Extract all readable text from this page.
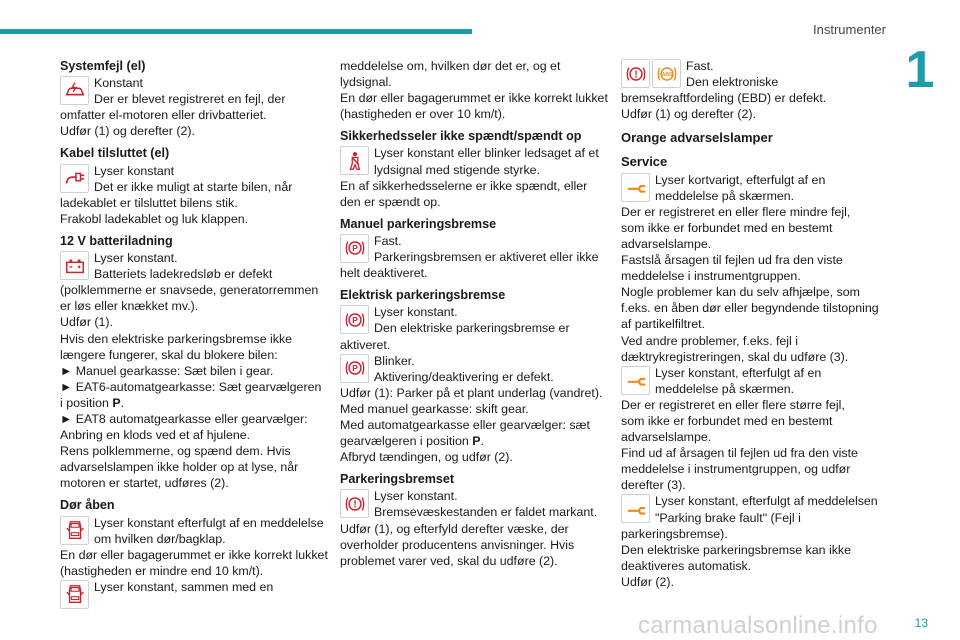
Instrumenter
1
Systemfejl (el)

Konstant

Der er blevet registreret en fejl, der

omfatter el-motoren eller drivbatteriet.

Udfør (1) og derefter (2).

Kabel tilsluttet (el)

Lyser konstant

Det er ikke muligt at starte bilen, når

ladekablet er tilsluttet bilens stik.

Frakobl ladekablet og luk klappen.

12 V batteriladning

Lyser konstant.

Batteriets ladekredsløb er defekt

(polklemmerne er snavsede, generatorremmen

er løs eller knækket mv.).

Udfør (1).

Hvis den elektriske parkeringsbremse ikke

længere fungerer, skal du blokere bilen:

► Manuel gearkasse: Sæt bilen i gear.

► EAT6-automatgearkasse: Sæt gearvælgeren

i position P.

► EAT8 automatgearkasse eller gearvælger:

Anbring en klods ved et af hjulene.

Rens polklemmerne, og spænd dem. Hvis

advarselslampen ikke holder op at lyse, når

motoren er startet, udføres (2).

Dør åben

Lyser konstant efterfulgt af en meddelelse

om hvilken dør/bagklap.

En dør eller bagagerummet er ikke korrekt lukket

(hastigheden er mindre end 10 km/t).

Lyser konstant, sammen med en

meddelelse om, hvilken dør det er, og et

lydsignal.

En dør eller bagagerummet er ikke korrekt lukket

(hastigheden er over 10 km/t).

Sikkerhedsseler ikke spændt/spændt op

Lyser konstant eller blinker ledsaget af et

lydsignal med stigende styrke.

En af sikkerhedsselerne er ikke spændt, eller

den er spændt op.

Manuel parkeringsbremse
P

Fast.

Parkeringsbremsen er aktiveret eller ikke

helt deaktiveret.

Elektrisk parkeringsbremse
P

Lyser konstant.

Den elektriske parkeringsbremse er

aktiveret.

P

Blinker.

Aktivering/deaktivering er defekt.

Udfør (1): Parker på et plant underlag (vandret).

Med manuel gearkasse: skift gear.

Med automatgearkasse eller gearvælger: sæt

gearvælgeren i position P.

Afbryd tændingen, og udfør (2).

Parkeringsbremset
!

Lyser konstant.

Bremsevæskestanden er faldet markant.

Udfør (1), og efterfyld derefter væske, der

overholder producentens anvisninger. Hvis

problemet varer ved, skal du udføre (2).

!	ABS

Fast.

Den elektroniske

bremsekraftfordeling (EBD) er defekt.

Udfør (1) og derefter (2).

Orange advarselslamper
Service

Lyser kortvarigt, efterfulgt af en

meddelelse på skærmen.

Der er registreret en eller flere mindre fejl,

som ikke er forbundet med en bestemt

advarselslampe.

Fastslå årsagen til fejlen ud fra den viste

meddelelse i instrumentgruppen.

Nogle problemer kan du selv afhjælpe, som

f.eks. en åben dør eller begyndende tilstopning

af partikelfiltret.

Ved andre problemer, f.eks. fejl i

dæktrykregistreringen, skal du udføre (3).

Lyser konstant, efterfulgt af en

meddelelse på skærmen.

Der er registreret en eller flere større fejl,

som ikke er forbundet med en bestemt

advarselslampe.

Find ud af årsagen til fejlen ud fra den viste

meddelelse i instrumentgruppen, og udfør

derefter (3).

Lyser konstant, efterfulgt af meddelelsen

"Parking brake fault" (Fejl i

parkeringsbremse).

Den elektriske parkeringsbremse kan ikke

deaktiveres automatisk.

Udfør (2).

carmanualsonline.info	13
